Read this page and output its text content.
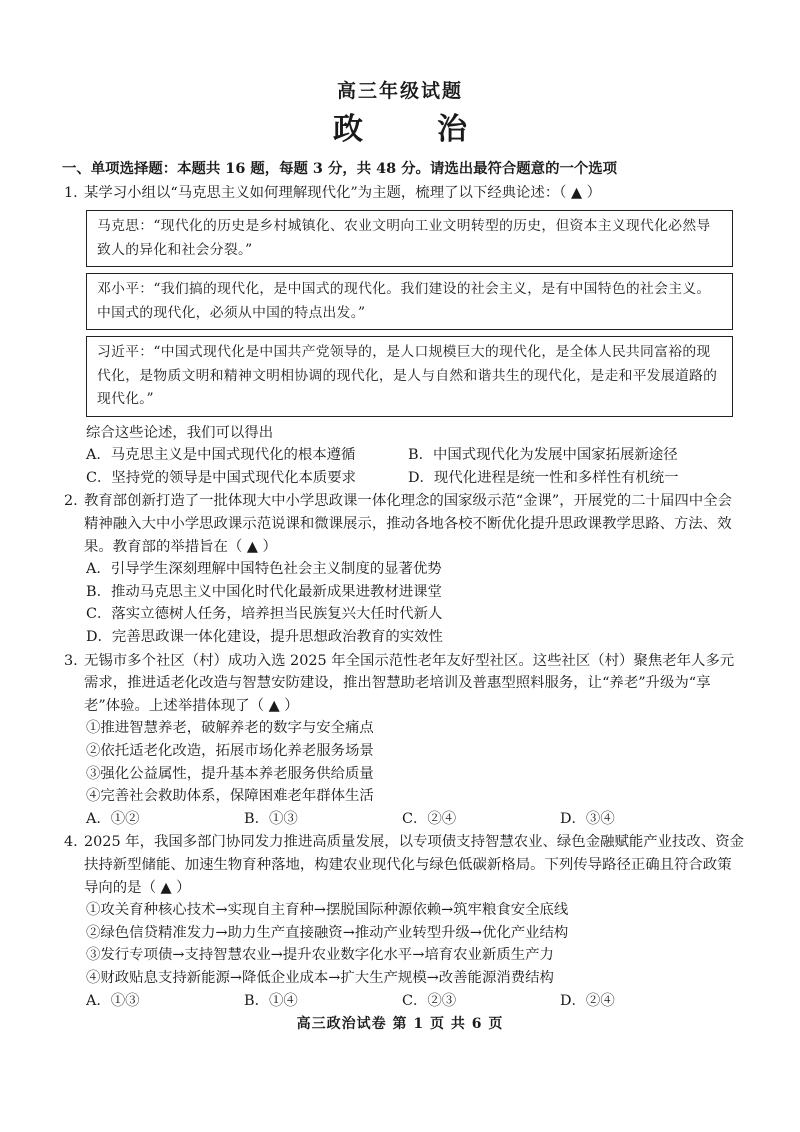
高三年级试题
政　治
一、单项选择题：本题共 16 题，每题 3 分，共 48 分。请选出最符合题意的一个选项
1. 某学习小组以“马克思主义如何理解现代化”为主题，梳理了以下经典论述：（ ▲ ）
马克思：“现代化的历史是乡村城镇化、农业文明向工业文明转型的历史，但资本主义现代化必然导致人的异化和社会分裂。”
邓小平：“我们搞的现代化，是中国式的现代化。我们建设的社会主义，是有中国特色的社会主义。中国式的现代化，必须从中国的特点出发。”
习近平：“中国式现代化是中国共产党领导的，是人口规模巨大的现代化，是全体人民共同富裕的现代化，是物质文明和精神文明相协调的现代化，是人与自然和谐共生的现代化，是走和平发展道路的现代化。”
综合这些论述，我们可以得出
A．马克思主义是中国式现代化的根本遵循	B．中国式现代化为发展中国家拓展新途径
C．坚持党的领导是中国式现代化本质要求	D．现代化进程是统一性和多样性有机统一
2. 教育部创新打造了一批体现大中小学思政课一体化理念的国家级示范“金课”，开展党的二十届四中全会精神融入大中小学思政课示范说课和微课展示，推动各地各校不断优化提升思政课教学思路、方法、效果。教育部的举措旨在（ ▲ ）
A．引导学生深刻理解中国特色社会主义制度的显著优势
B．推动马克思主义中国化时代化最新成果进教材进课堂
C．落实立德树人任务，培养担当民族复兴大任时代新人
D．完善思政课一体化建设，提升思想政治教育的实效性
3. 无锡市多个社区（村）成功入选 2025 年全国示范性老年友好型社区。这些社区（村）聚焦老年人多元需求，推进适老化改造与智慧安防建设，推出智慧助老培训及普惠型照料服务，让“养老”升级为“享老”体验。上述举措体现了（ ▲ ）
①推进智慧养老，破解养老的数字与安全痛点
②依托适老化改造，拓展市场化养老服务场景
③强化公益属性，提升基本养老服务供给质量
④完善社会救助体系，保障困难老年群体生活
A．①②	B．①③	C．②④	D．③④
4. 2025 年，我国多部门协同发力推进高质量发展，以专项债支持智慧农业、绿色金融赋能产业技改、资金扶持新型储能、加速生物育种落地，构建农业现代化与绿色低碳新格局。下列传导路径正确且符合政策导向的是（ ▲ ）
①攻关育种核心技术→实现自主育种→摆脱国际种源依赖→筑牢粮食安全底线
②绿色信贷精准发力→助力生产直接融资→推动产业转型升级→优化产业结构
③发行专项债→支持智慧农业→提升农业数字化水平→培育农业新质生产力
④财政贴息支持新能源→降低企业成本→扩大生产规模→改善能源消费结构
A．①③	B．①④	C．②③	D．②④
高三政治试卷 第 1 页 共 6 页
